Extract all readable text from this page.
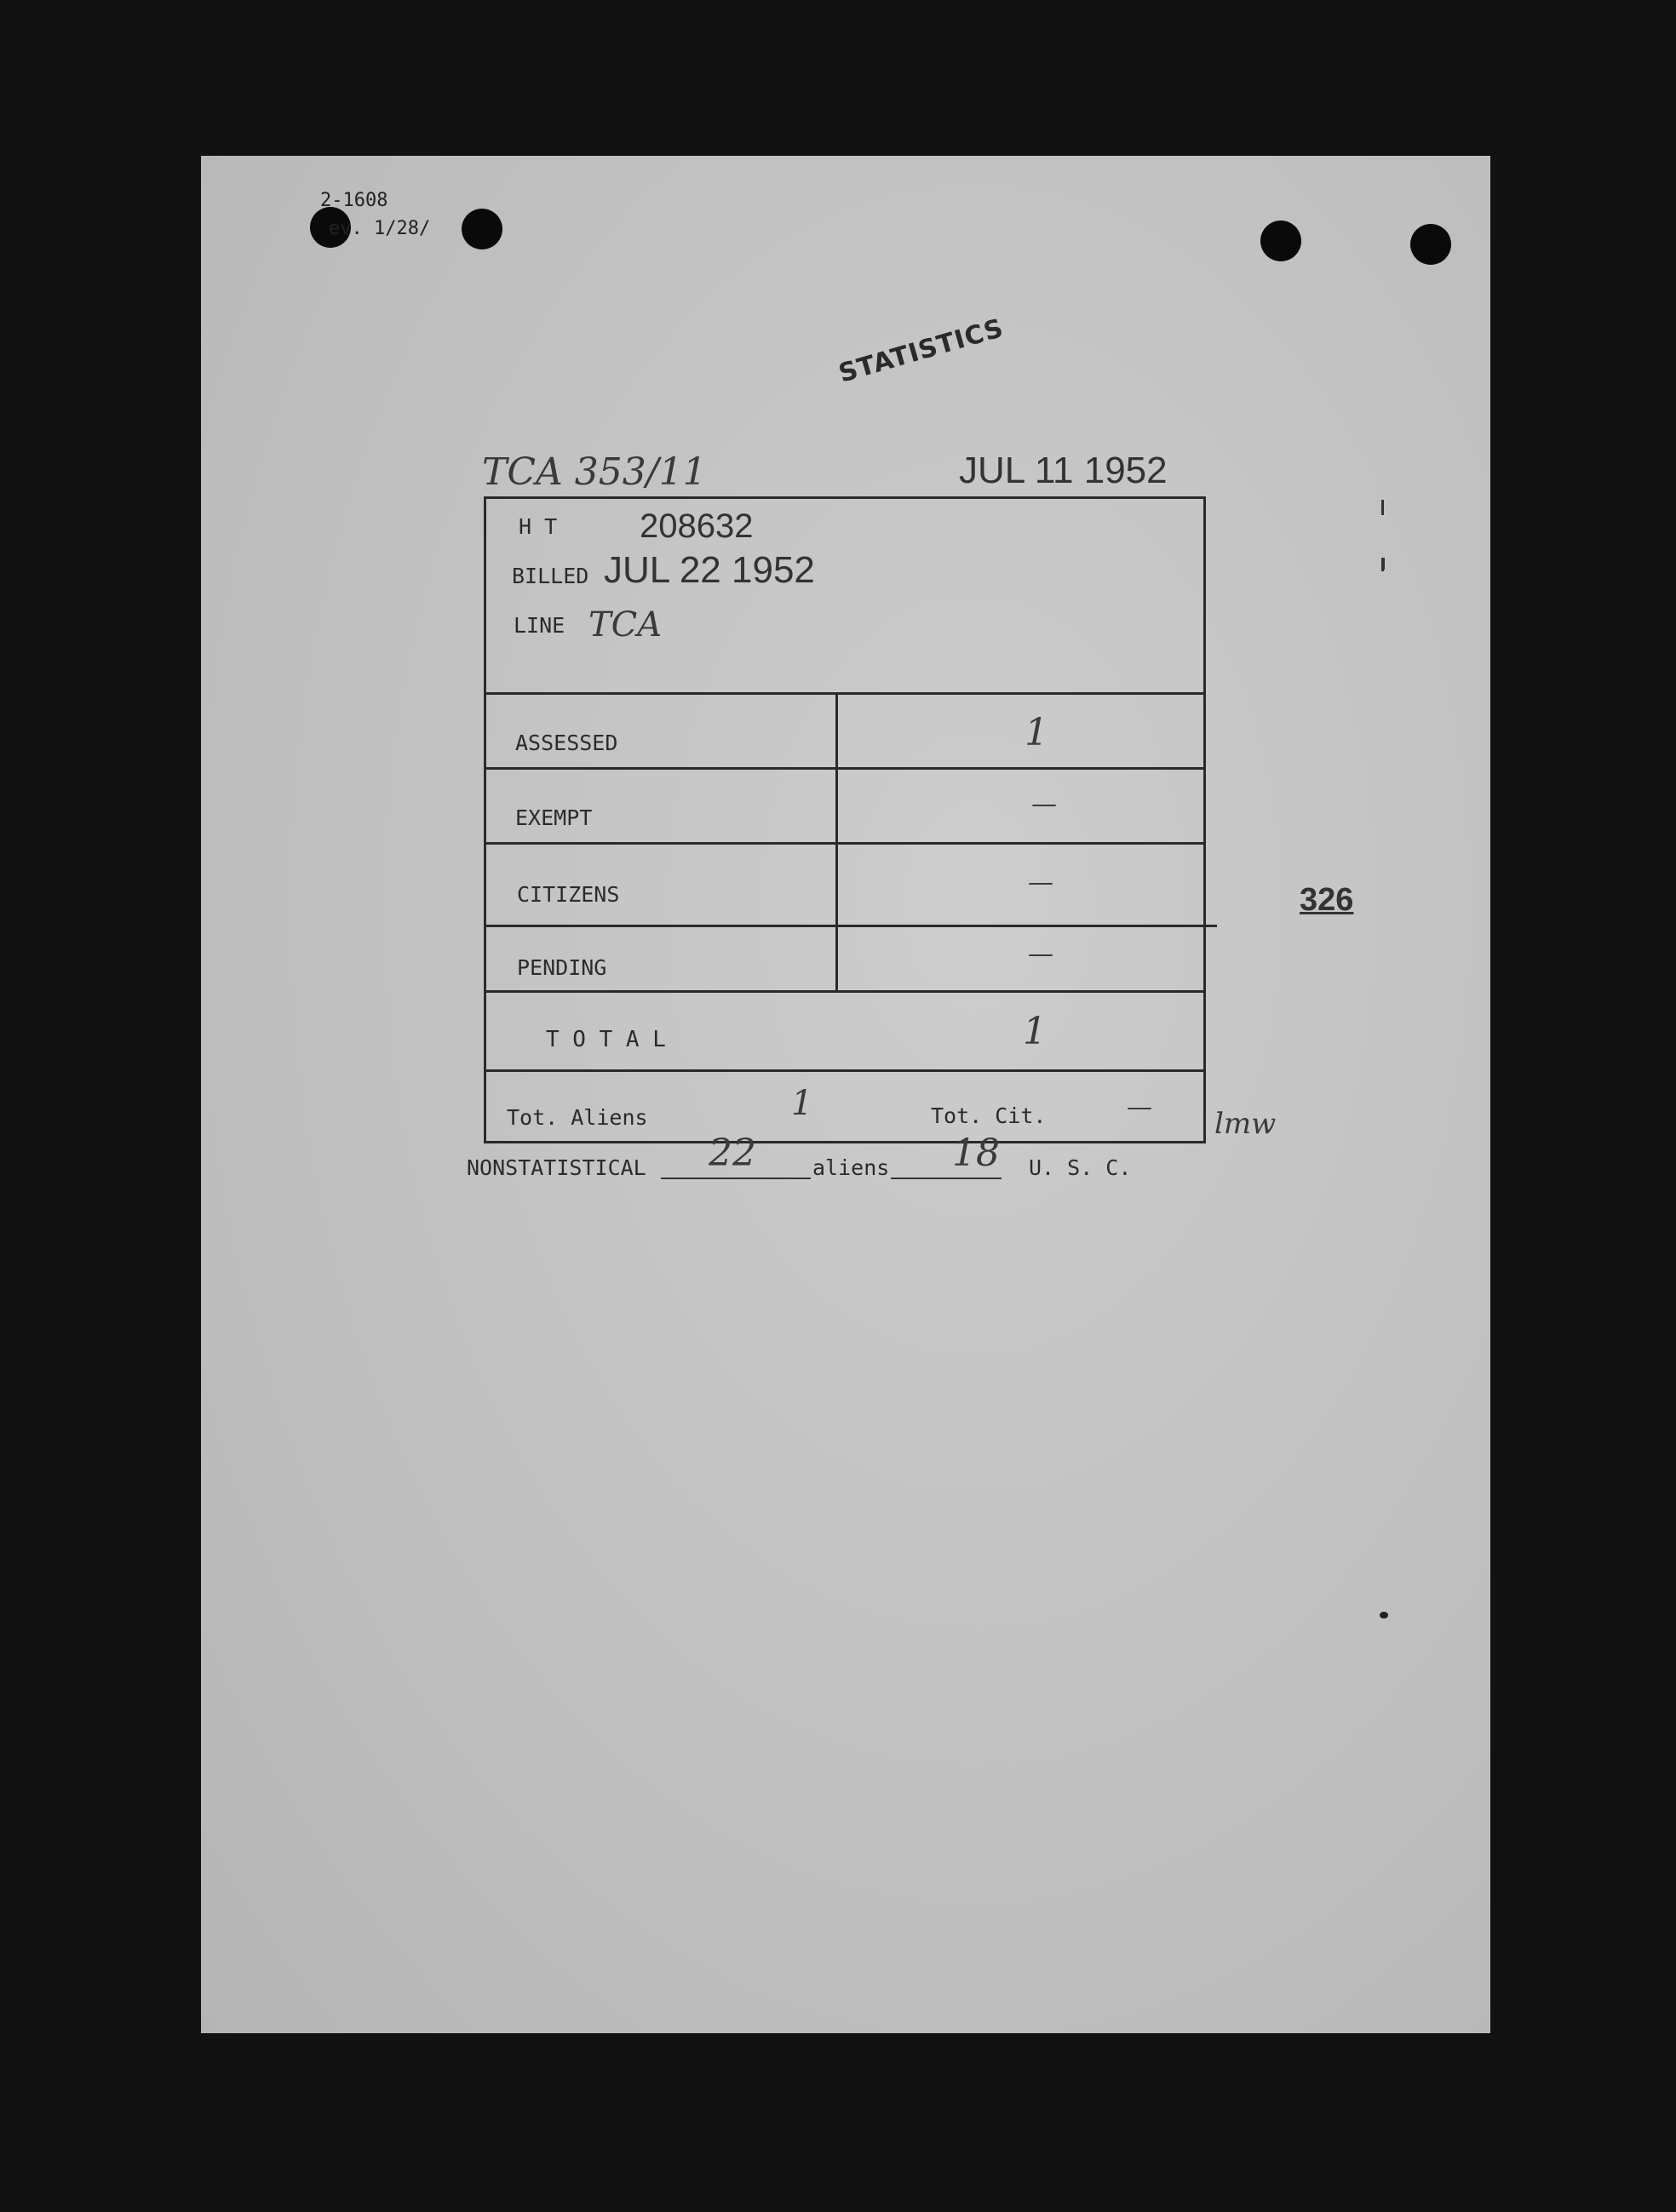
2-1608
ev. 1/28/
STATISTICS
TCA 353/11	JUL 11 1952
H T 208632
BILLED JUL 22 1952
LINE TCA
ASSESSED	1
EXEMPT	—
CITIZENS	—
PENDING	—
T O T A L	1
Tot. Aliens	1	Tot. Cit.	— lmw
NONSTATISTICAL 22	aliens 18 U. S. C.
326
